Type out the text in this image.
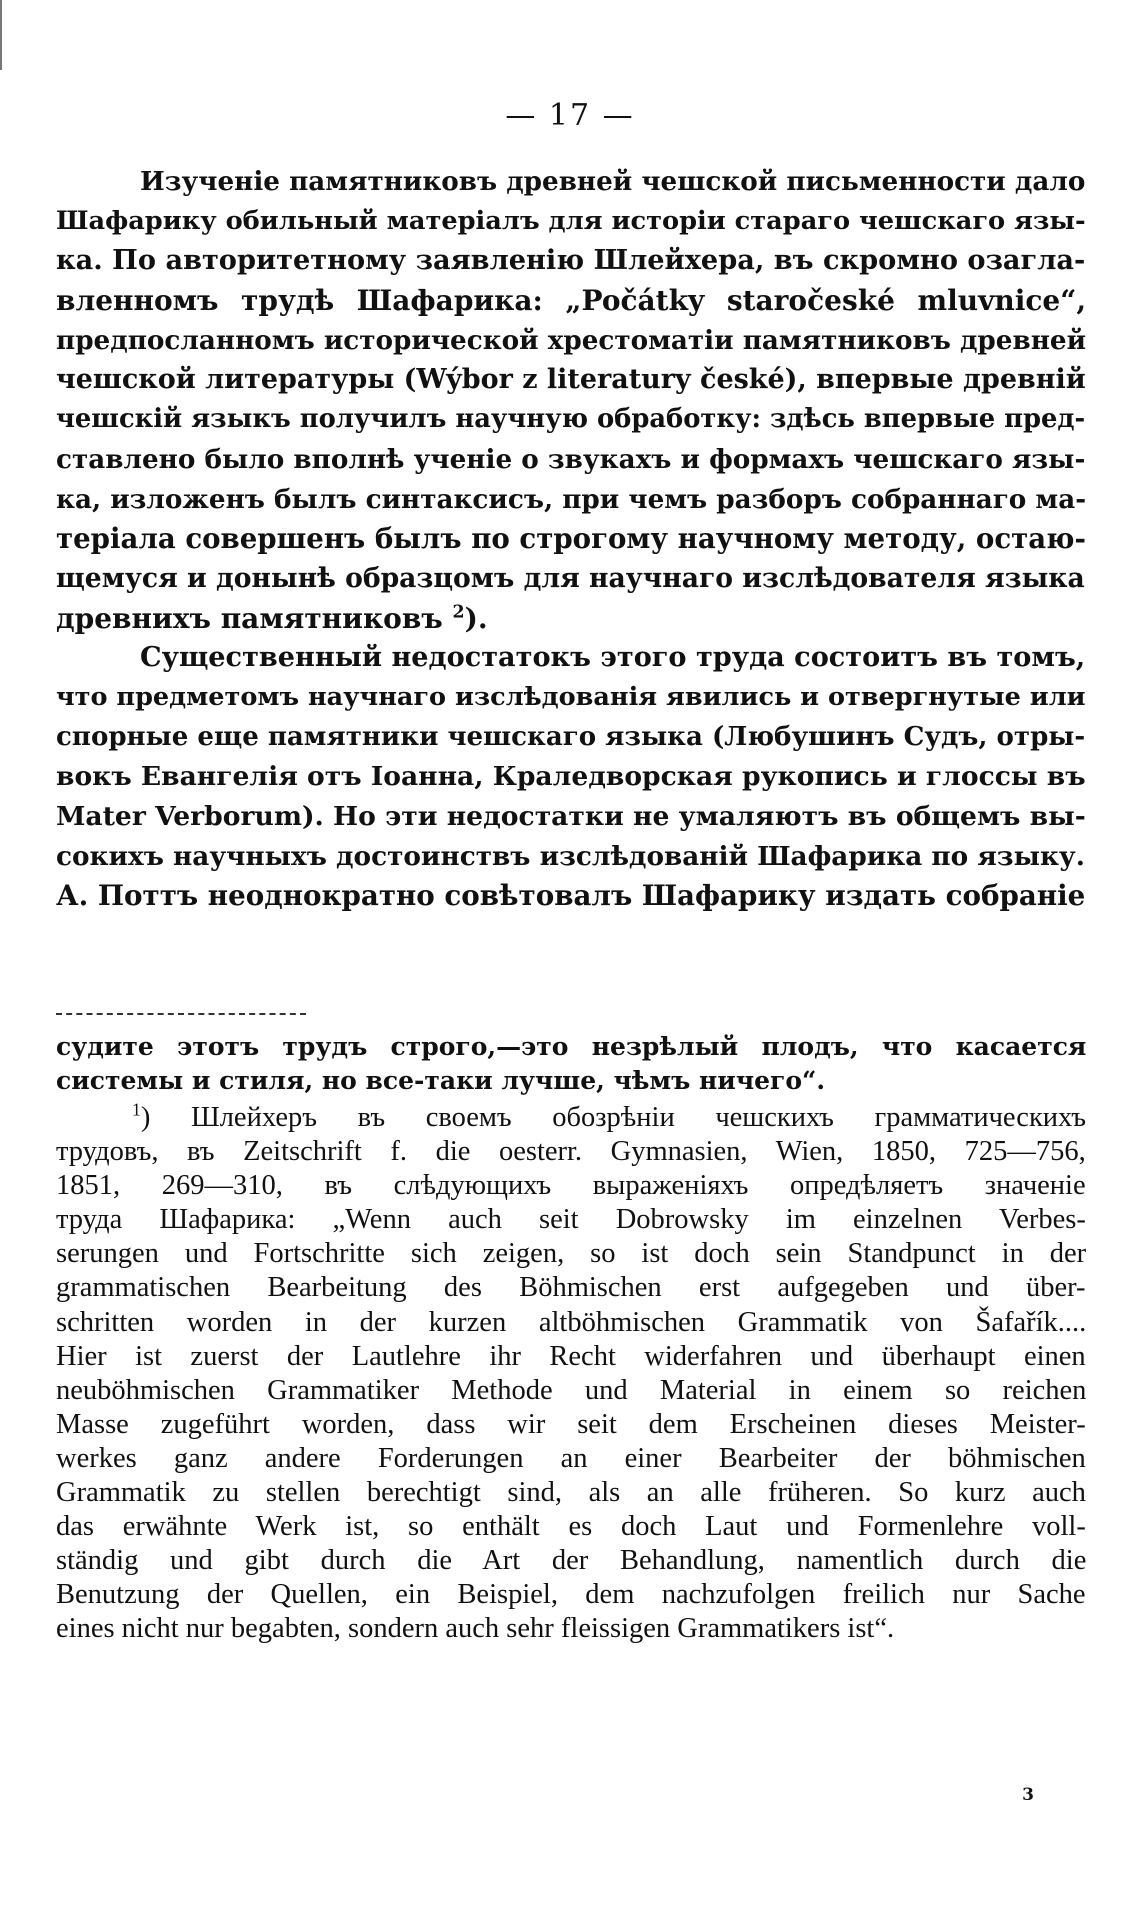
— 17 —
Изученіе памятниковъ древней чешской письменности дало
Шафарику обильный матеріалъ для исторіи стараго чешскаго язы-
ка. По авторитетному заявленію Шлейхера, въ скромно озагла-
вленномъ трудѣ Шафарика: „Počátky staročeské mluvnice“,
предпосланномъ исторической хрестоматіи памятниковъ древней
чешской литературы (Wýbor z literatury české), впервые древній
чешскій языкъ получилъ научную обработку: здѣсь впервые пред-
ставлено было вполнѣ ученіе о звукахъ и формахъ чешскаго язы-
ка, изложенъ былъ синтаксисъ, при чемъ разборъ собраннаго ма-
теріала совершенъ былъ по строгому научному методу, остаю-
щемуся и донынѣ образцомъ для научнаго изслѣдователя языка
древнихъ памятниковъ $^2$).
Существенный недостатокъ этого труда состоитъ въ томъ,
что предметомъ научнаго изслѣдованія явились и отвергнутые или
спорные еще памятники чешскаго языка (Любушинъ Судъ, отры-
вокъ Евангелія отъ Іоанна, Краледворская рукопись и глоссы въ
Mater Verborum). Но эти недостатки не умаляютъ въ общемъ вы-
сокихъ научныхъ достоинствъ изслѣдованій Шафарика по языку.
А. Поттъ неоднократно совѣтовалъ Шафарику издать собраніе
судите этотъ трудъ строго,—это незрѣлый плодъ, что касается
системы и стиля, но все-таки лучше, чѣмъ ничего“.
$^1$) Шлейхеръ въ своемъ обозрѣніи чешскихъ грамматическихъ
трудовъ, въ Zeitschrift f. die oesterr. Gymnasien, Wien, 1850, 725—756,
1851, 269—310, въ слѣдующихъ выраженіяхъ опредѣляетъ значеніе
труда Шафарика: „Wenn auch seit Dobrowsky im einzelnen Verbes-
serungen und Fortschritte sich zeigen, so ist doch sein Standpunct in der
grammatischen Bearbeitung des Böhmischen erst aufgegeben und über-
schritten worden in der kurzen altböhmischen Grammatik von Šafařík....
Hier ist zuerst der Lautlehre ihr Recht widerfahren und überhaupt einen
neuböhmischen Grammatiker Methode und Material in einem so reichen
Masse zugeführt worden, dass wir seit dem Erscheinen dieses Meister-
werkes ganz andere Forderungen an einer Bearbeiter der böhmischen
Grammatik zu stellen berechtigt sind, als an alle früheren. So kurz auch
das erwähnte Werk ist, so enthält es doch Laut und Formenlehre voll-
ständig und gibt durch die Art der Behandlung, namentlich durch die
Benutzung der Quellen, ein Beispiel, dem nachzufolgen freilich nur Sache
eines nicht nur begabten, sondern auch sehr fleissigen Grammatikers ist“.
3
